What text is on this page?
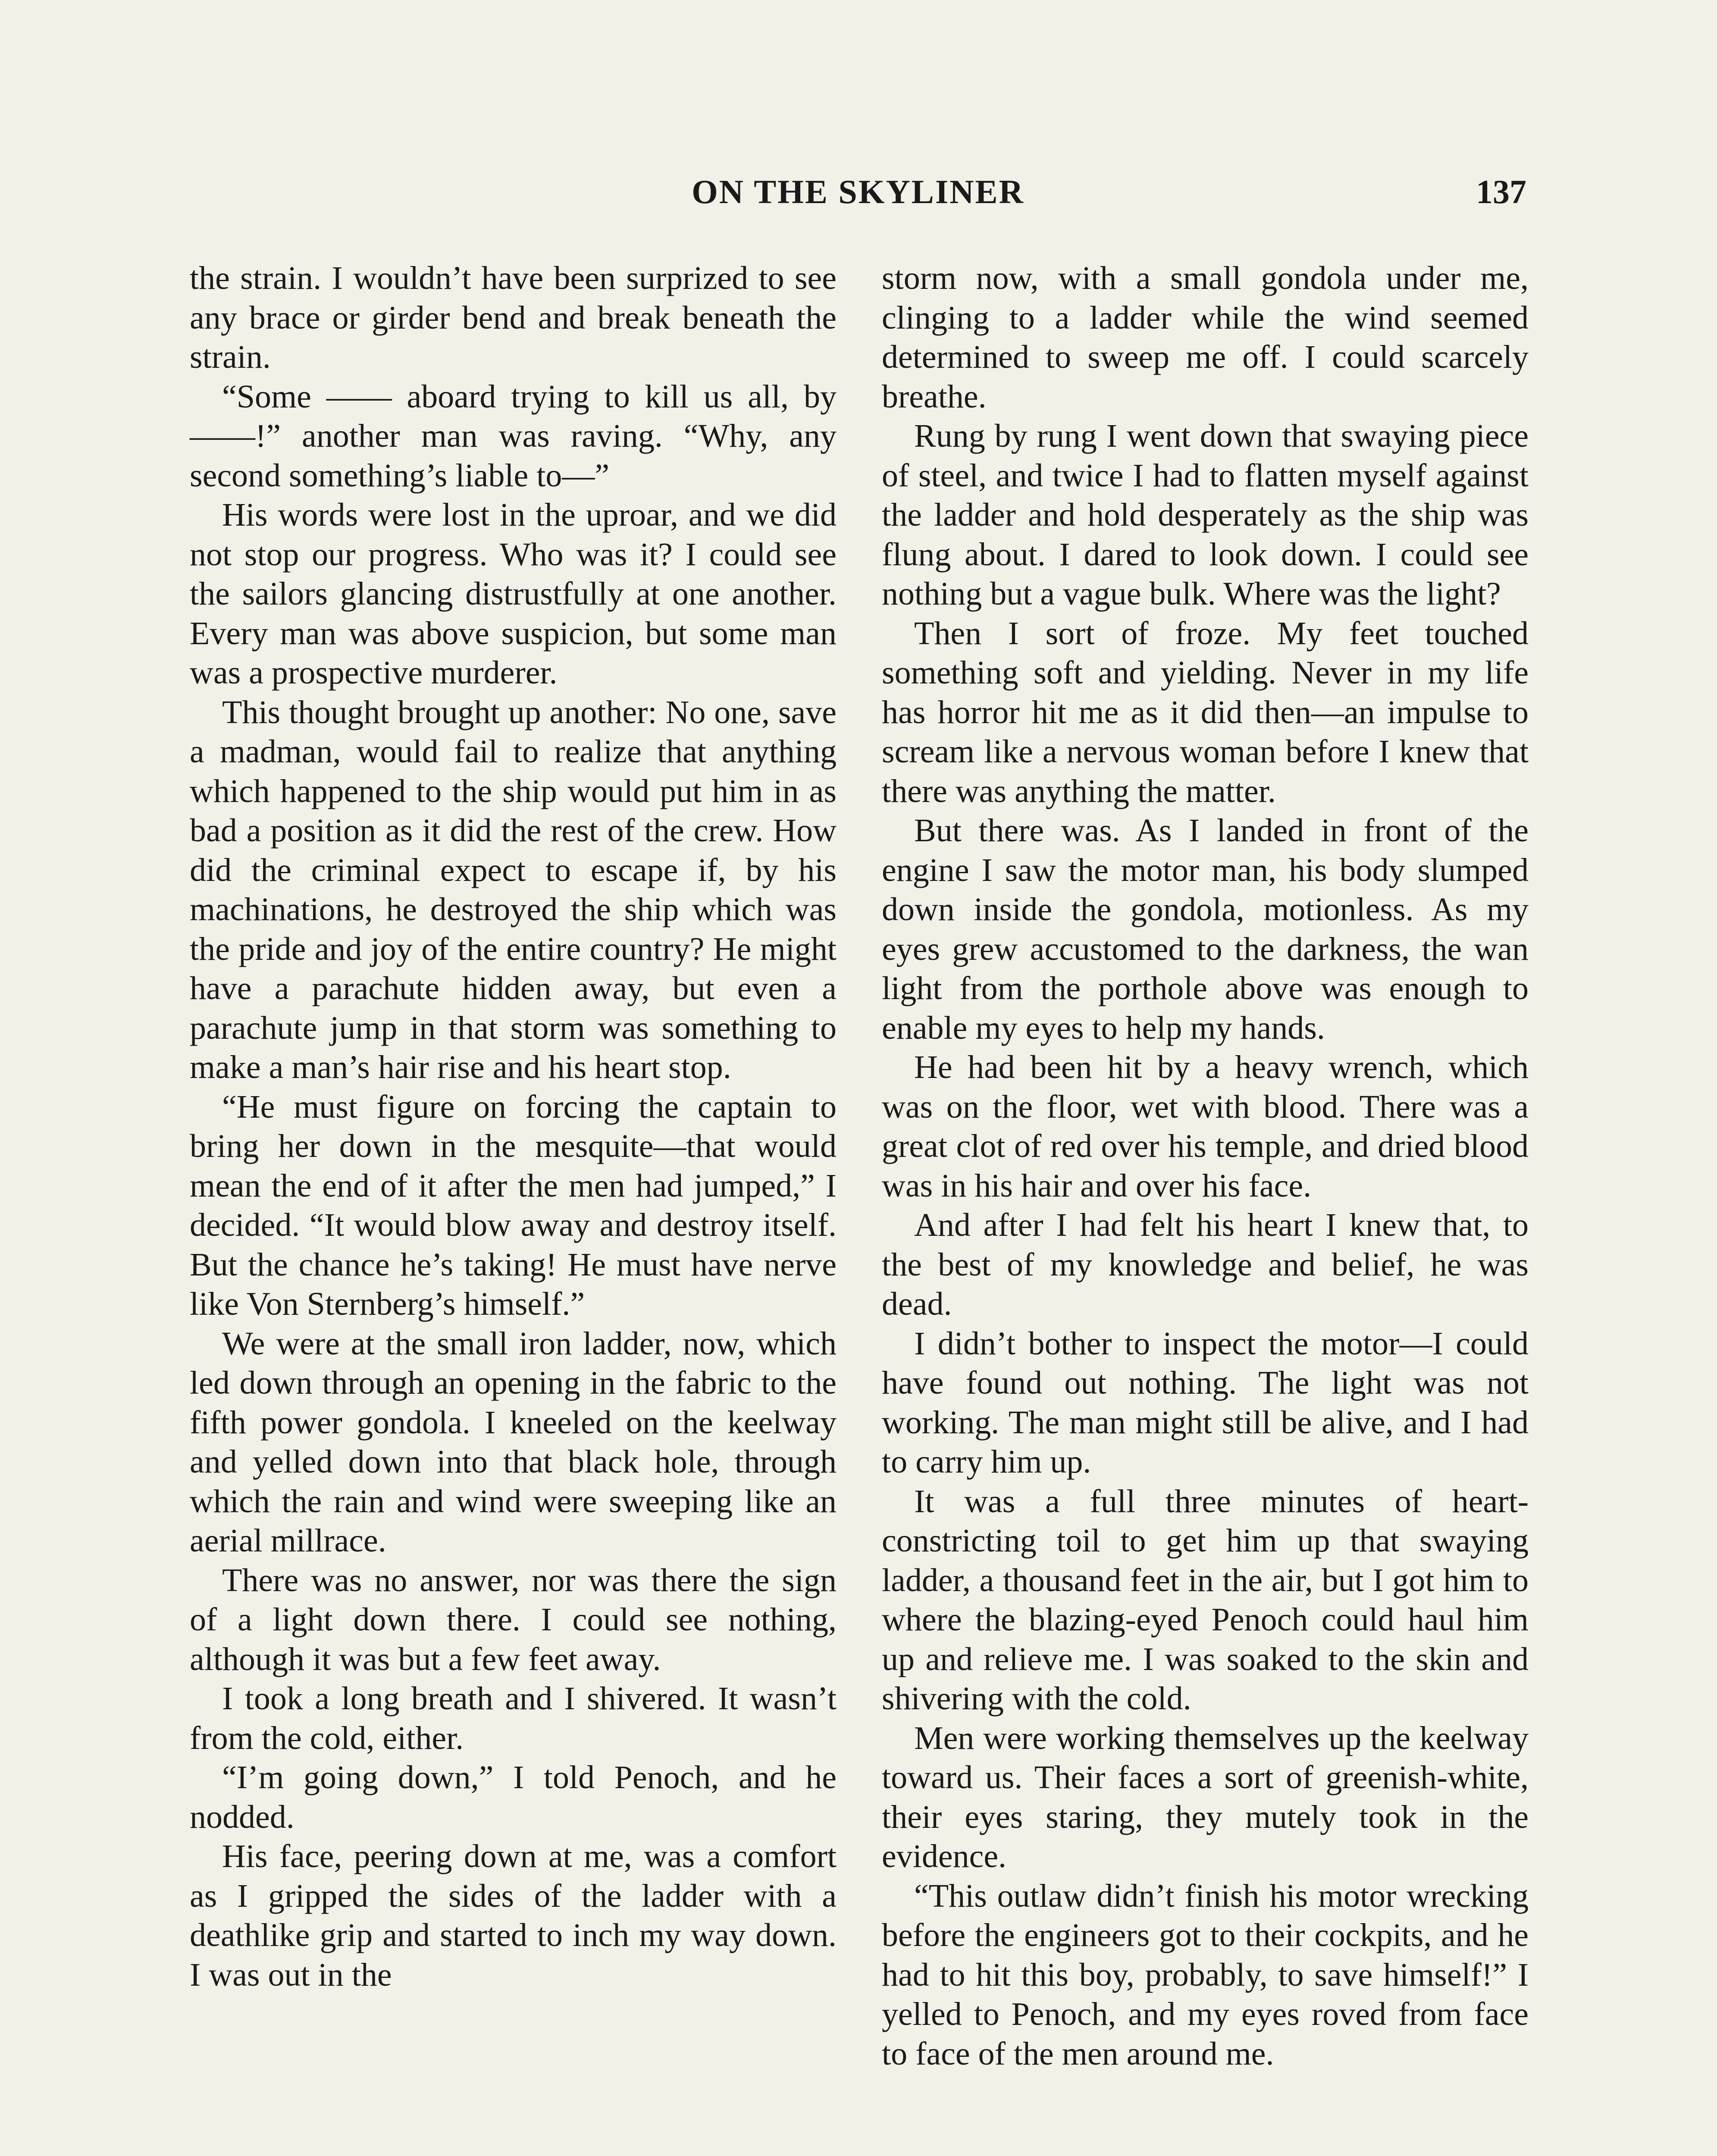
ON THE SKYLINER	137

the strain. I wouldn’t have been surprized to see any brace or girder bend and break beneath the strain.

“Some —— aboard trying to kill us all, by ——!” another man was raving. “Why, any second something’s liable to—”

His words were lost in the uproar, and we did not stop our progress. Who was it? I could see the sailors glancing distrustfully at one another. Every man was above suspicion, but some man was a prospective murderer.

This thought brought up another: No one, save a madman, would fail to realize that anything which happened to the ship would put him in as bad a position as it did the rest of the crew. How did the criminal expect to escape if, by his machinations, he destroyed the ship which was the pride and joy of the entire country? He might have a parachute hidden away, but even a parachute jump in that storm was something to make a man’s hair rise and his heart stop.

“He must figure on forcing the captain to bring her down in the mesquite—that would mean the end of it after the men had jumped,” I decided. “It would blow away and destroy itself. But the chance he’s taking! He must have nerve like Von Sternberg’s himself.”

We were at the small iron ladder, now, which led down through an opening in the fabric to the fifth power gondola. I kneeled on the keelway and yelled down into that black hole, through which the rain and wind were sweeping like an aerial millrace.

There was no answer, nor was there the sign of a light down there. I could see nothing, although it was but a few feet away.

I took a long breath and I shivered. It wasn’t from the cold, either.

“I’m going down,” I told Penoch, and he nodded.

His face, peering down at me, was a comfort as I gripped the sides of the ladder with a deathlike grip and started to inch my way down. I was out in the

storm now, with a small gondola under me, clinging to a ladder while the wind seemed determined to sweep me off. I could scarcely breathe.

Rung by rung I went down that swaying piece of steel, and twice I had to flatten myself against the ladder and hold desperately as the ship was flung about. I dared to look down. I could see nothing but a vague bulk. Where was the light?

Then I sort of froze. My feet touched something soft and yielding. Never in my life has horror hit me as it did then—an impulse to scream like a nervous woman before I knew that there was anything the matter.

But there was. As I landed in front of the engine I saw the motor man, his body slumped down inside the gondola, motionless. As my eyes grew accustomed to the darkness, the wan light from the porthole above was enough to enable my eyes to help my hands.

He had been hit by a heavy wrench, which was on the floor, wet with blood. There was a great clot of red over his temple, and dried blood was in his hair and over his face.

And after I had felt his heart I knew that, to the best of my knowledge and belief, he was dead.

I didn’t bother to inspect the motor—I could have found out nothing. The light was not working. The man might still be alive, and I had to carry him up.

It was a full three minutes of heart-constricting toil to get him up that swaying ladder, a thousand feet in the air, but I got him to where the blazing-eyed Penoch could haul him up and relieve me. I was soaked to the skin and shivering with the cold.

Men were working themselves up the keelway toward us. Their faces a sort of greenish-white, their eyes staring, they mutely took in the evidence.

“This outlaw didn’t finish his motor wrecking before the engineers got to their cockpits, and he had to hit this boy, probably, to save himself!” I yelled to Penoch, and my eyes roved from face to face of the men around me.
